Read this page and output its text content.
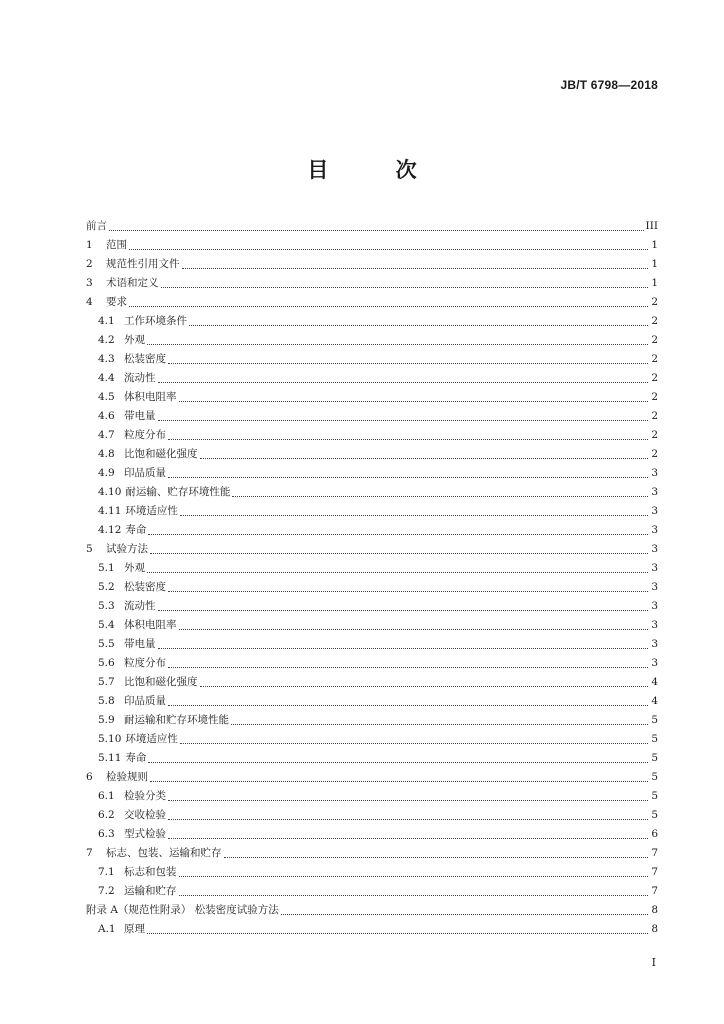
JB/T 6798—2018
目 次
前言	III
1	范围	1
2	规范性引用文件	1
3	术语和定义	1
4	要求	2
4.1 工作环境条件	2
4.2 外观	2
4.3 松装密度	2
4.4 流动性	2
4.5 体积电阻率	2
4.6 带电量	2
4.7 粒度分布	2
4.8 比饱和磁化强度	2
4.9 印品质量	3
4.10 耐运输、贮存环境性能	3
4.11 环境适应性	3
4.12 寿命	3
5	试验方法	3
5.1 外观	3
5.2 松装密度	3
5.3 流动性	3
5.4 体积电阻率	3
5.5 带电量	3
5.6 粒度分布	3
5.7 比饱和磁化强度	4
5.8 印品质量	4
5.9 耐运输和贮存环境性能	5
5.10 环境适应性	5
5.11 寿命	5
6	检验规则	5
6.1 检验分类	5
6.2 交收检验	5
6.3 型式检验	6
7	标志、包装、运输和贮存	7
7.1 标志和包装	7
7.2 运输和贮存	7
附录 A（规范性附录） 松装密度试验方法	8
A.1 原理	8
I
